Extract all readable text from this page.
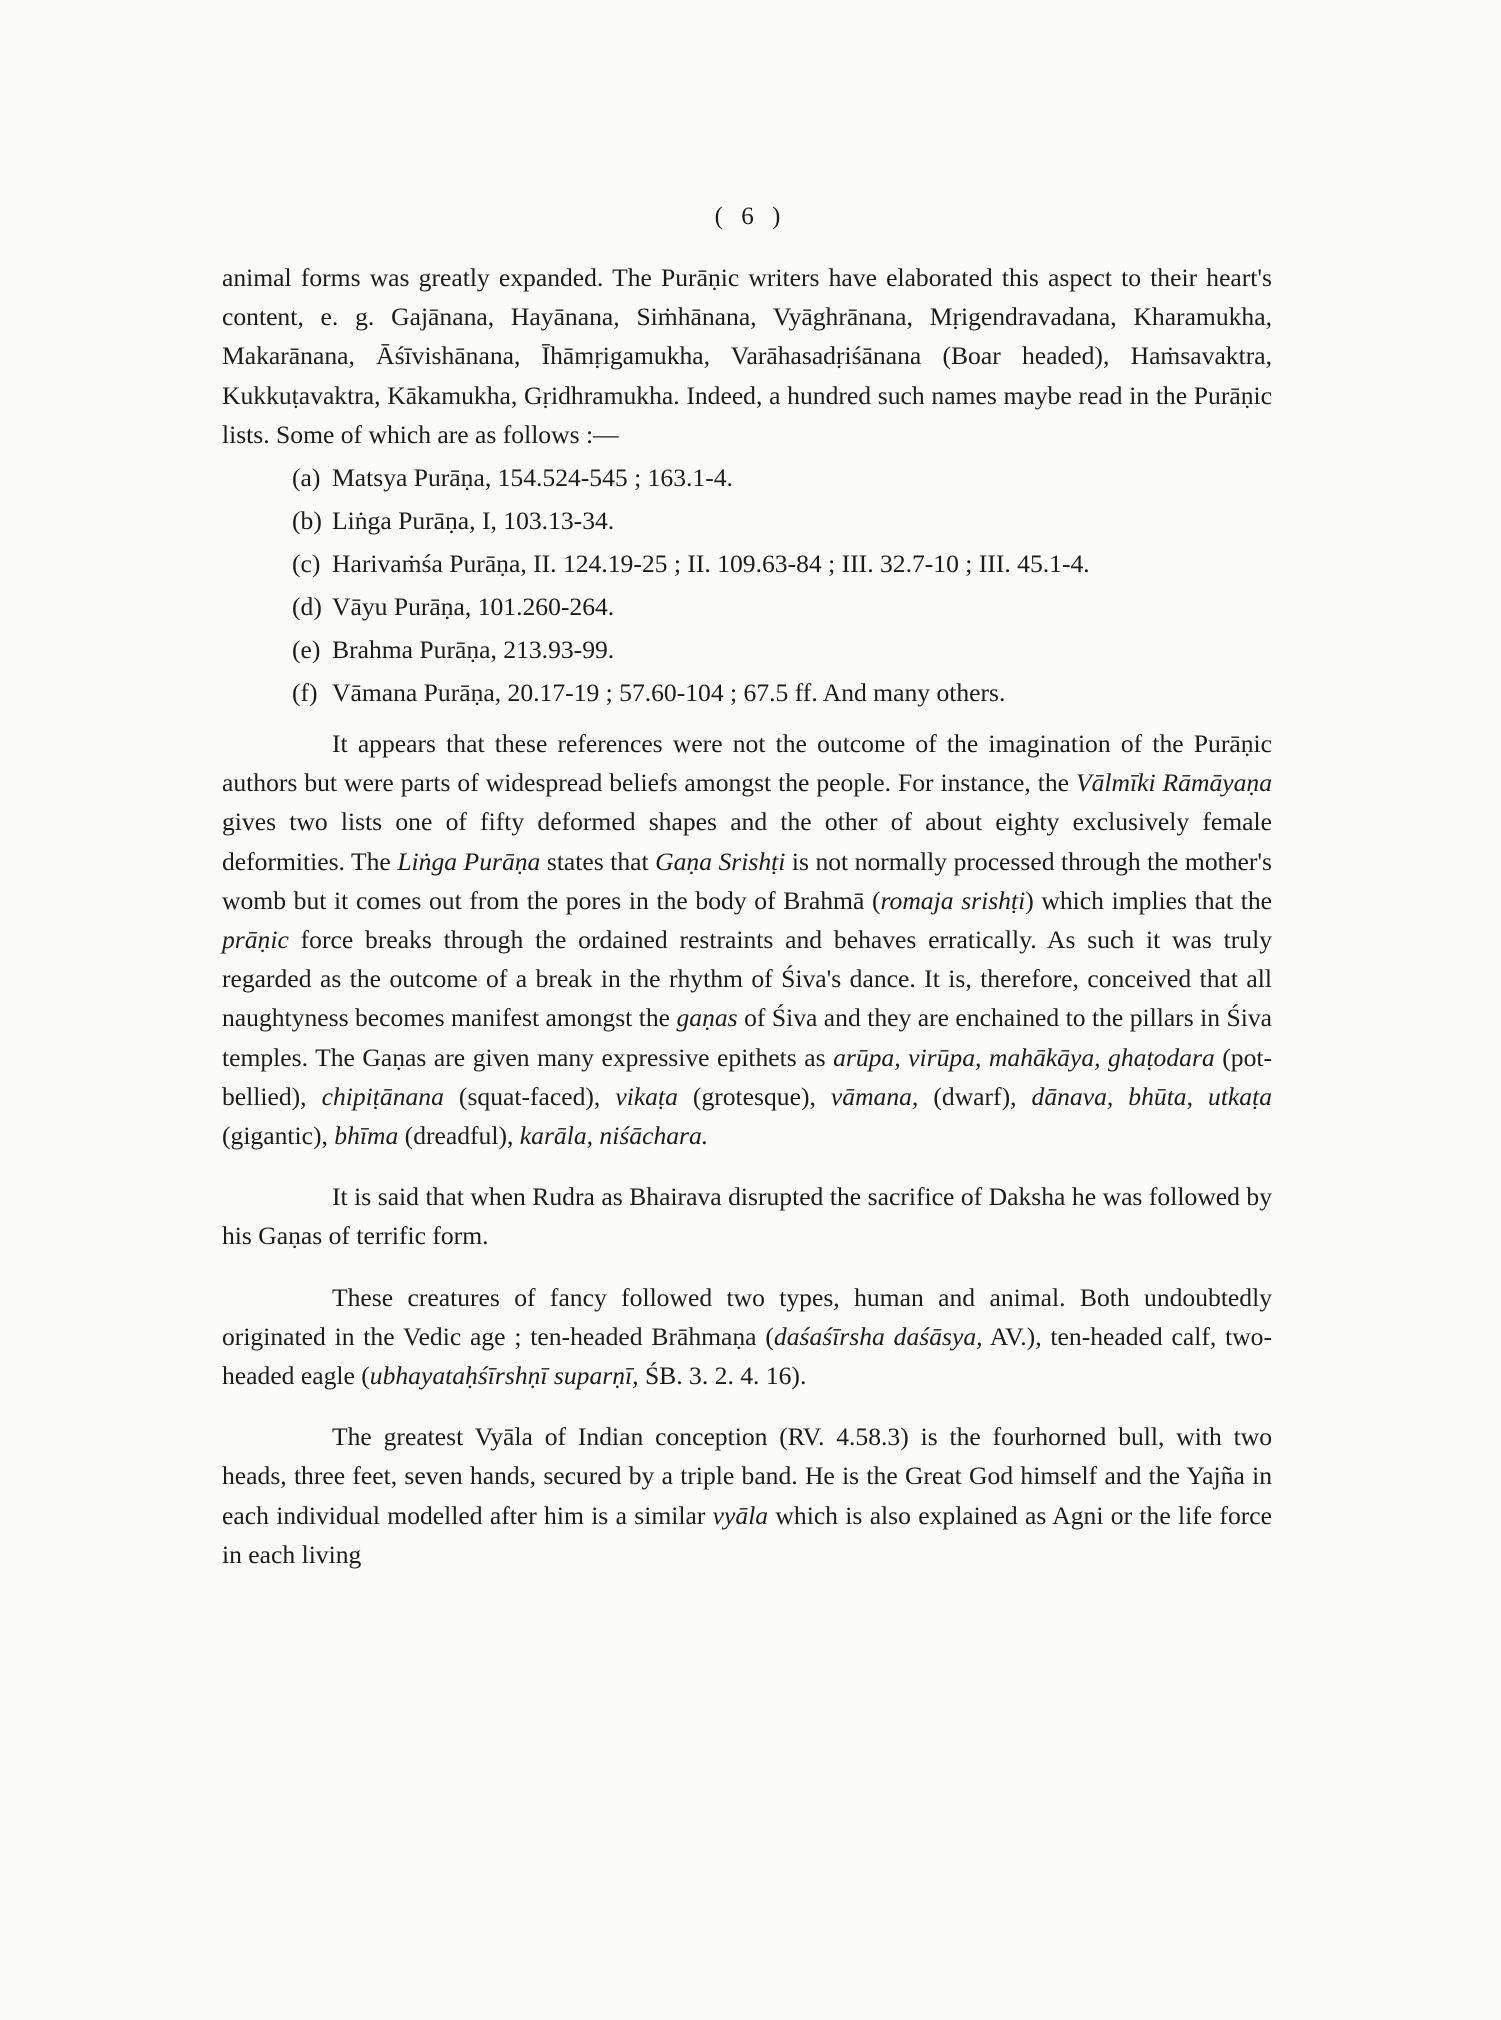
( 6 )

animal forms was greatly expanded. The Purāṇic writers have elaborated this aspect to their heart's content, e. g. Gajānana, Hayānana, Siṁhānana, Vyāghrānana, Mṛigendravadana, Kharamukha, Makarānana, Āśīvishānana, Īhāmṛigamukha, Varāhasadṛiśānana (Boar headed), Haṁsavaktra, Kukkuṭavaktra, Kākamukha, Gṛidhramukha. Indeed, a hundred such names maybe read in the Purāṇic lists. Some of which are as follows :—

(a) Matsya Purāṇa, 154.524-545 ; 163.1-4.
(b) Liṅga Purāṇa, I, 103.13-34.
(c) Harivaṁśa Purāṇa, II. 124.19-25 ; II. 109.63-84 ; III. 32.7-10 ; III. 45.1-4.
(d) Vāyu Purāṇa, 101.260-264.
(e) Brahma Purāṇa, 213.93-99.
(f) Vāmana Purāṇa, 20.17-19 ; 57.60-104 ; 67.5 ff. And many others.

It appears that these references were not the outcome of the imagination of the Purāṇic authors but were parts of widespread beliefs amongst the people. For instance, the Vālmīki Rāmāyaṇa gives two lists one of fifty deformed shapes and the other of about eighty exclusively female deformities. The Liṅga Purāṇa states that Gaṇa Srishṭi is not normally processed through the mother's womb but it comes out from the pores in the body of Brahmā (romaja srishṭi) which implies that the prāṇic force breaks through the ordained restraints and behaves erratically. As such it was truly regarded as the outcome of a break in the rhythm of Śiva's dance. It is, therefore, conceived that all naughtyness becomes manifest amongst the gaṇas of Śiva and they are enchained to the pillars in Śiva temples. The Gaṇas are given many expressive epithets as arūpa, virūpa, mahākāya, ghaṭodara (pot-bellied), chipiṭānana (squat-faced), vikaṭa (grotesque), vāmana, (dwarf), dānava, bhūta, utkaṭa (gigantic), bhīma (dreadful), karāla, niśāchara.

It is said that when Rudra as Bhairava disrupted the sacrifice of Daksha he was followed by his Gaṇas of terrific form.

These creatures of fancy followed two types, human and animal. Both undoubtedly originated in the Vedic age ; ten-headed Brāhmaṇa (daśaśīrsha daśāsya, AV.), ten-headed calf, two-headed eagle (ubhayataḥśīrshṇī suparṇī, ŚB. 3. 2. 4. 16).

The greatest Vyāla of Indian conception (RV. 4.58.3) is the fourhorned bull, with two heads, three feet, seven hands, secured by a triple band. He is the Great God himself and the Yajña in each individual modelled after him is a similar vyāla which is also explained as Agni or the life force in each living
